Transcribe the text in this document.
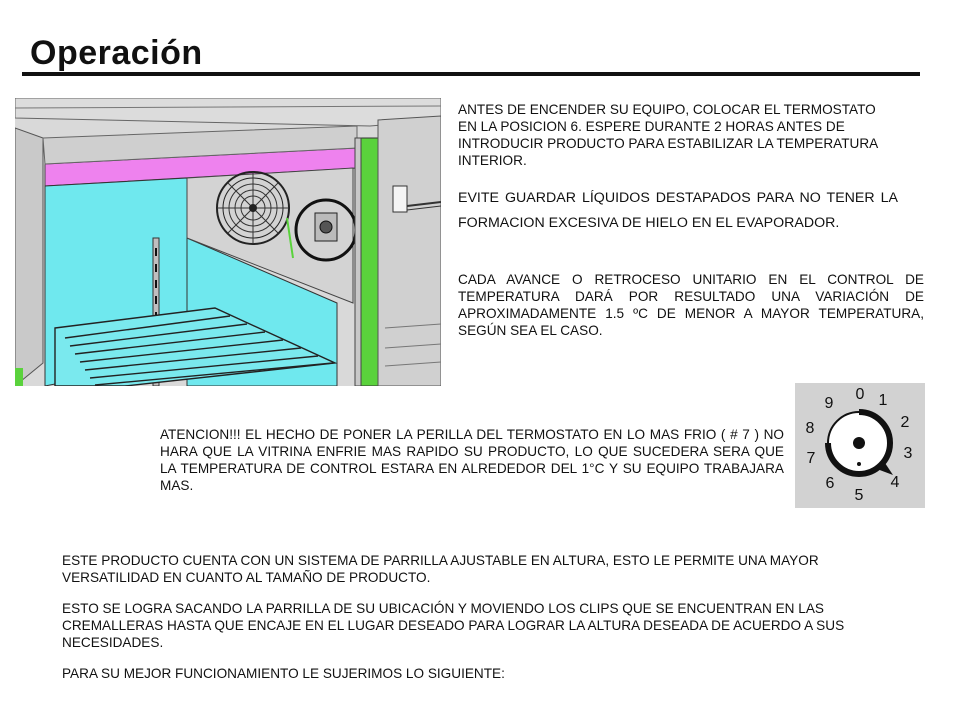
Operación

ANTES DE ENCENDER SU EQUIPO, COLOCAR EL TERMOSTATO EN LA POSICION 6. ESPERE DURANTE 2 HORAS ANTES DE INTRODUCIR PRODUCTO PARA ESTABILIZAR LA TEMPERATURA INTERIOR.

EVITE GUARDAR LÍQUIDOS DESTAPADOS PARA NO TENER LA FORMACION EXCESIVA DE HIELO EN EL EVAPORADOR.

CADA AVANCE O RETROCESO UNITARIO EN EL CONTROL DE TEMPERATURA DARÁ POR RESULTADO UNA VARIACIÓN DE APROXIMADAMENTE 1.5 ºC DE MENOR A MAYOR TEMPERATURA, SEGÚN SEA EL CASO.

0 1
2
3
4
5
6
7
8
9

ATENCION!!! EL HECHO DE PONER LA PERILLA DEL TERMOSTATO EN LO MAS FRIO ( # 7 ) NO HARA QUE LA VITRINA ENFRIE MAS RAPIDO SU PRODUCTO, LO QUE SUCEDERA SERA QUE LA TEMPERATURA DE CONTROL ESTARA EN ALREDEDOR DEL 1°C Y SU EQUIPO TRABAJARA MAS.

ESTE PRODUCTO CUENTA CON UN SISTEMA DE PARRILLA AJUSTABLE EN ALTURA, ESTO LE PERMITE UNA MAYOR VERSATILIDAD EN CUANTO AL TAMAÑO DE PRODUCTO.

ESTO SE LOGRA SACANDO LA PARRILLA DE SU UBICACIÓN Y MOVIENDO LOS CLIPS QUE SE ENCUENTRAN EN LAS CREMALLERAS HASTA QUE ENCAJE EN EL LUGAR DESEADO PARA LOGRAR LA ALTURA DESEADA DE ACUERDO A SUS NECESIDADES.

PARA SU MEJOR FUNCIONAMIENTO LE SUJERIMOS LO SIGUIENTE:
